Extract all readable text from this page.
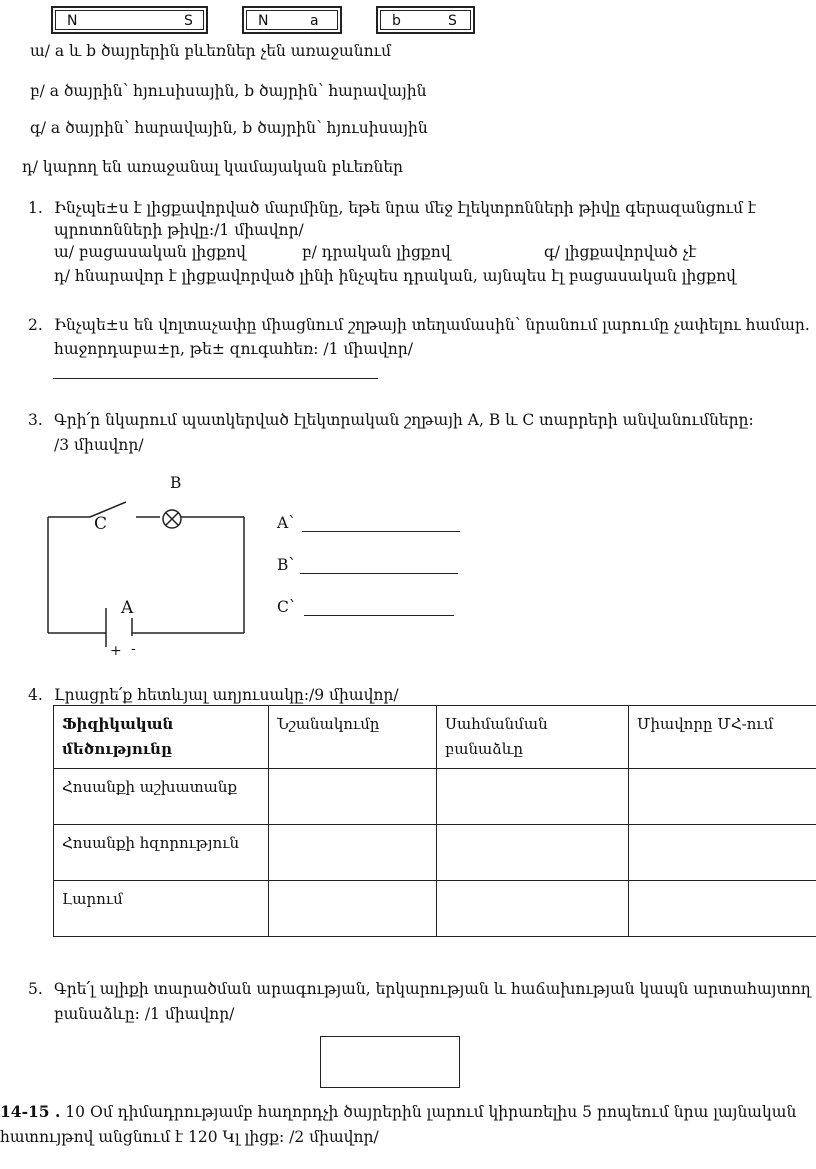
N	S	N	a	b	S
ա/ a և b ծայրերին բևեռներ չեն առաջանում
բ/ a ծայրին՝ հյուսիսային, b ծայրին՝ հարավային
գ/ a ծայրին՝ հարավային, b ծայրին՝ հյուսիսային
դ/ կարող են առաջանալ կամայական բևեռներ
1. Ինչպե±ս է լիցքավորված մարմինը, եթե նրա մեջ էլեկտրոնների թիվը գերազանցում է
պրոտոնների թիվը:/1 միավոր/
ա/ բացասական լիցքով	բ/ դրական լիցքով	գ/ լիցքավորված չէ
դ/ հնարավոր է լիցքավորված լինի ինչպես դրական, այնպես էլ բացասական լիցքով
2. Ինչպե±ս են վոլտաչափը միացնում շղթայի տեղամասին՝ նրանում լարումը չափելու համար.
հաջորդաբա±ր, թե± զուգահեռ: /1 միավոր/
3. Գրի՛ր նկարում պատկերված էլեկտրական շղթայի A, B և C տարրերի անվանումները:
/3 միավոր/
B
C
A
+ -
A՝
B՝
C՝
4. Լրացրե՛ք հետևյալ աղյուսակը:/9 միավոր/
Ֆիզիկական մեծությունը	Նշանակումը	Սահմանման բանաձևը	Միավորը ՄՀ-ում
Հոսանքի աշխատանք			
Հոսանքի հզորություն			
Լարում			
5. Գրե՛լ ալիքի տարածման արագության, երկարության և հաճախության կապն արտահայտող
բանաձևը: /1 միավոր/
14-15 . 10 Օմ դիմադրությամբ հաղորդչի ծայրերին լարում կիրառելիս 5 րոպեում նրա լայնական
հատույթով անցնում է 120 Կլ լիցք: /2 միավոր/
